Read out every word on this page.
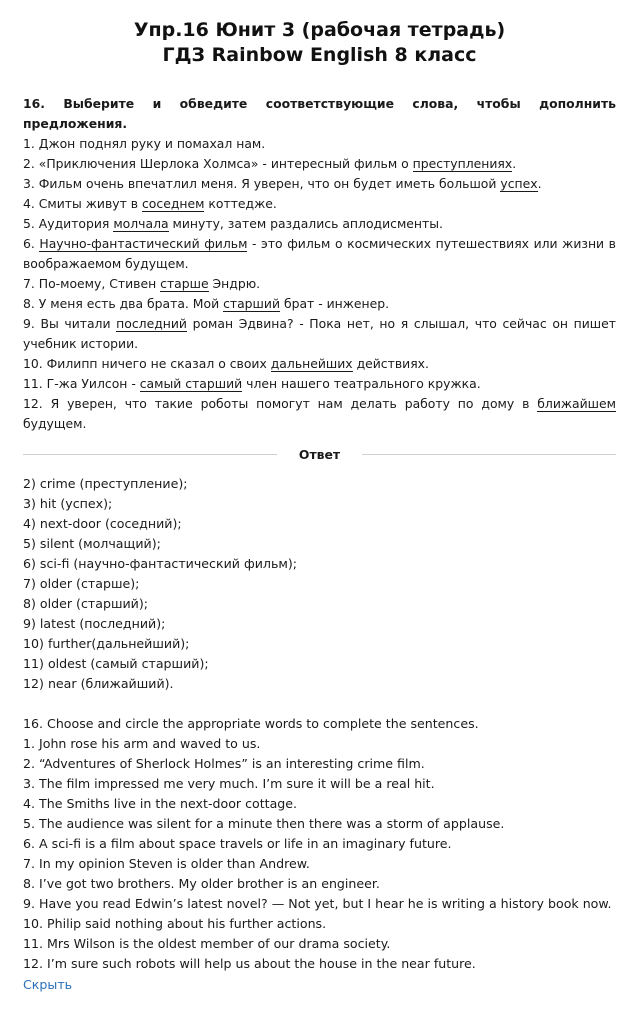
Упр.16 Юнит 3 (рабочая тетрадь)
ГДЗ Rainbow English 8 класс
16. Выберите и обведите соответствующие слова, чтобы дополнить предложения.
1. Джон поднял руку и помахал нам.
2. «Приключения Шерлока Холмса» - интересный фильм о преступлениях.
3. Фильм очень впечатлил меня. Я уверен, что он будет иметь большой успех.
4. Смиты живут в соседнем коттедже.
5. Аудитория молчала минуту, затем раздались аплодисменты.
6. Научно-фантастический фильм - это фильм о космических путешествиях или жизни в воображаемом будущем.
7. По-моему, Стивен старше Эндрю.
8. У меня есть два брата. Мой старший брат - инженер.
9. Вы читали последний роман Эдвина? - Пока нет, но я слышал, что сейчас он пишет учебник истории.
10. Филипп ничего не сказал о своих дальнейших действиях.
11. Г-жа Уилсон - самый старший член нашего театрального кружка.
12. Я уверен, что такие роботы помогут нам делать работу по дому в ближайшем будущем.
Ответ
2) crime (преступление);
3) hit (успех);
4) next-door (соседний);
5) silent (молчащий);
6) sci-fi (научно-фантастический фильм);
7) older (старше);
8) older (старший);
9) latest (последний);
10) further(дальнейший);
11) oldest (самый старший);
12) near (ближайший).
16. Choose and circle the appropriate words to complete the sentences.
1. John rose his arm and waved to us.
2. “Adventures of Sherlock Holmes” is an interesting crime film.
3. The film impressed me very much. I’m sure it will be a real hit.
4. The Smiths live in the next-door cottage.
5. The audience was silent for a minute then there was a storm of applause.
6. A sci-fi is a film about space travels or life in an imaginary future.
7. In my opinion Steven is older than Andrew.
8. I’ve got two brothers. My older brother is an engineer.
9. Have you read Edwin’s latest novel? — Not yet, but I hear he is writing a history book now.
10. Philip said nothing about his further actions.
11. Mrs Wilson is the oldest member of our drama society.
12. I’m sure such robots will help us about the house in the near future.
Скрыть
